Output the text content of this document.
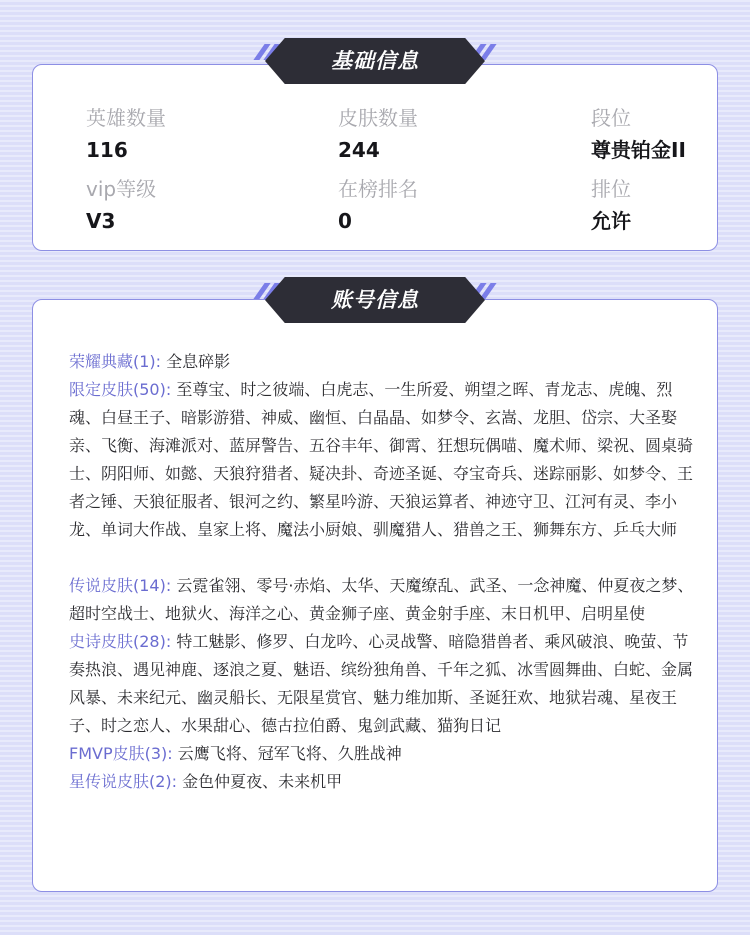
英雄数量
116
皮肤数量
244
段位
尊贵铂金II
vip等级
V3
在榜排名
0
排位
允许
基础信息
荣耀典藏(1): 全息碎影
限定皮肤(50): 至尊宝、时之彼端、白虎志、一生所爱、朔望之晖、青龙志、虎魄、烈魂、白昼王子、暗影游猎、神威、幽恒、白晶晶、如梦令、玄嵩、龙胆、岱宗、大圣娶亲、飞衡、海滩派对、蓝屏警告、五谷丰年、御霄、狂想玩偶喵、魔术师、梁祝、圆桌骑士、阴阳师、如懿、天狼狩猎者、疑决卦、奇迹圣诞、夺宝奇兵、迷踪丽影、如梦令、王者之锤、天狼征服者、银河之约、繁星吟游、天狼运算者、神迹守卫、江河有灵、李小龙、单词大作战、皇家上将、魔法小厨娘、驯魔猎人、猎兽之王、狮舞东方、乒乓大师
传说皮肤(14): 云霓雀翎、零号·赤焰、太华、天魔缭乱、武圣、一念神魔、仲夏夜之梦、超时空战士、地狱火、海洋之心、黄金狮子座、黄金射手座、末日机甲、启明星使
史诗皮肤(28): 特工魅影、修罗、白龙吟、心灵战警、暗隐猎兽者、乘风破浪、晚萤、节奏热浪、遇见神鹿、逐浪之夏、魅语、缤纷独角兽、千年之狐、冰雪圆舞曲、白蛇、金属风暴、未来纪元、幽灵船长、无限星赏官、魅力维加斯、圣诞狂欢、地狱岩魂、星夜王子、时之恋人、水果甜心、德古拉伯爵、鬼剑武藏、猫狗日记
FMVP皮肤(3): 云鹰飞将、冠军飞将、久胜战神
星传说皮肤(2): 金色仲夏夜、未来机甲
账号信息
